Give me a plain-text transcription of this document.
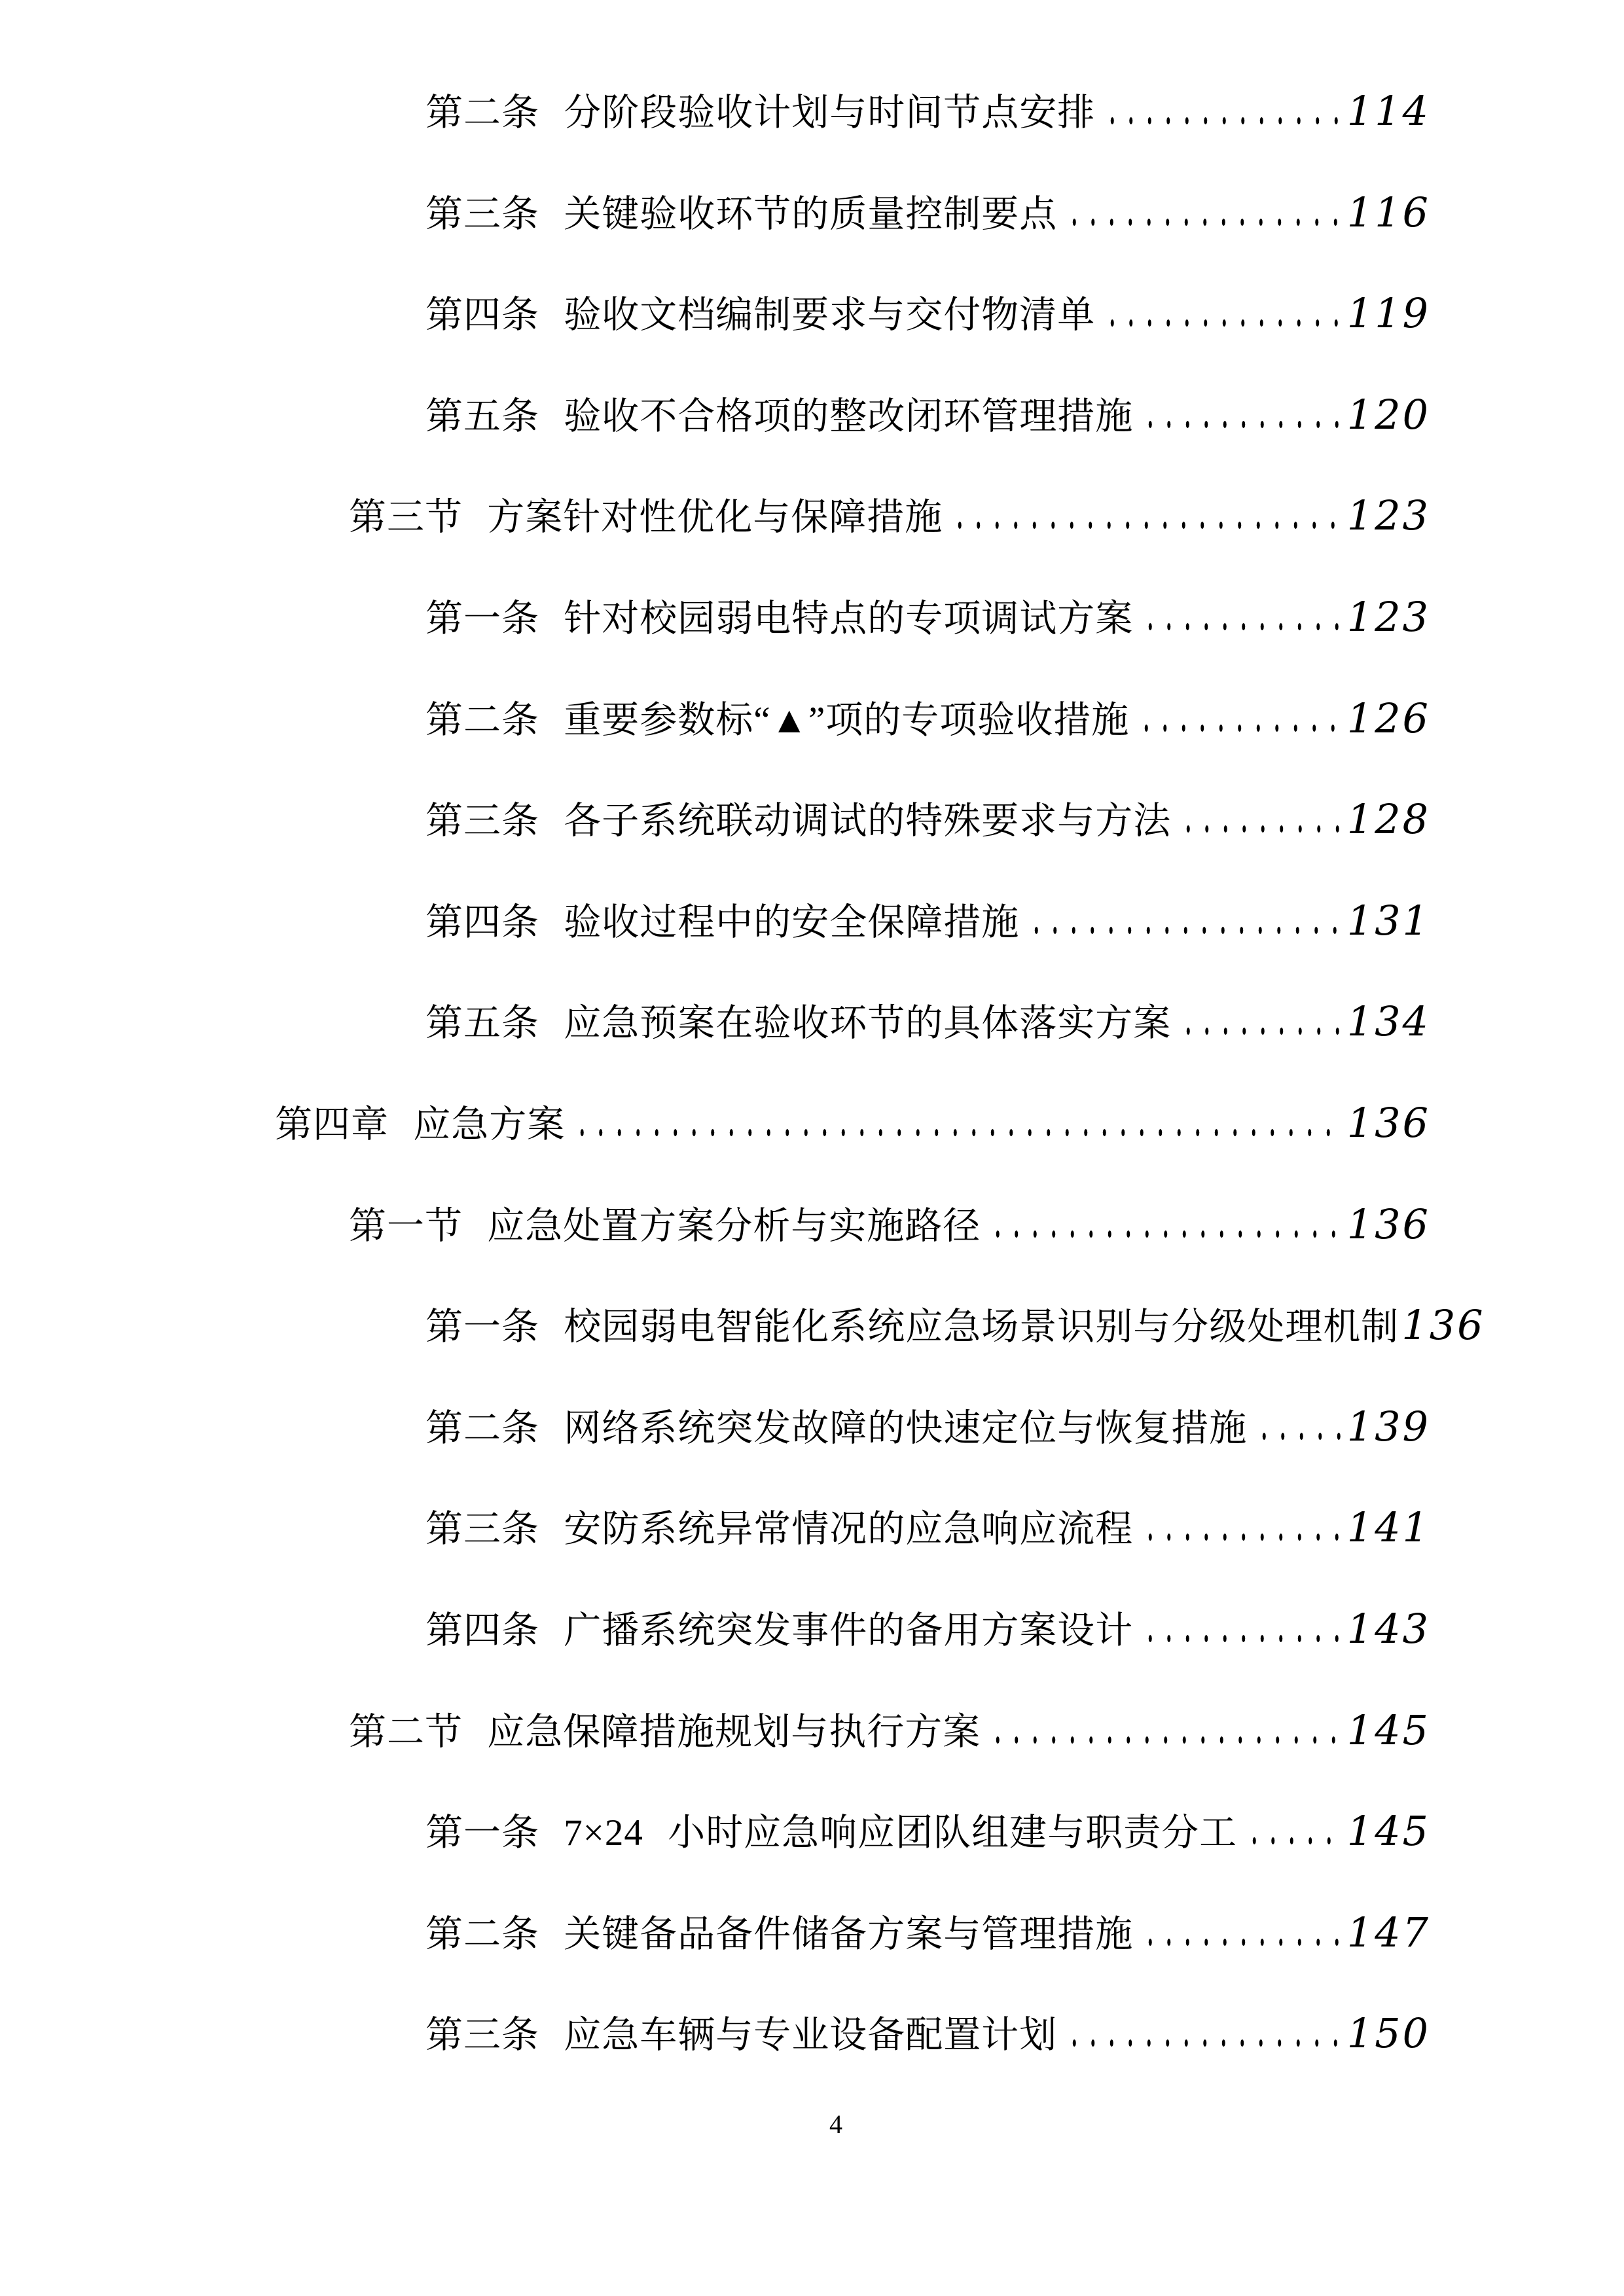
第二条 分阶段验收计划与时间节点安排	114
第三条 关键验收环节的质量控制要点	116
第四条 验收文档编制要求与交付物清单	119
第五条 验收不合格项的整改闭环管理措施	120
第三节 方案针对性优化与保障措施	123
第一条 针对校园弱电特点的专项调试方案	123
第二条 重要参数标“▲”项的专项验收措施	126
第三条 各子系统联动调试的特殊要求与方法	128
第四条 验收过程中的安全保障措施	131
第五条 应急预案在验收环节的具体落实方案	134
第四章 应急方案	136
第一节 应急处置方案分析与实施路径	136
第一条 校园弱电智能化系统应急场景识别与分级处理机制 136
第二条 网络系统突发故障的快速定位与恢复措施 139
第三条 安防系统异常情况的应急响应流程	141
第四条 广播系统突发事件的备用方案设计	143
第二节 应急保障措施规划与执行方案	145
第一条 7×24 小时应急响应团队组建与职责分工	145
第二条 关键备品备件储备方案与管理措施	147
第三条 应急车辆与专业设备配置计划	150
4
